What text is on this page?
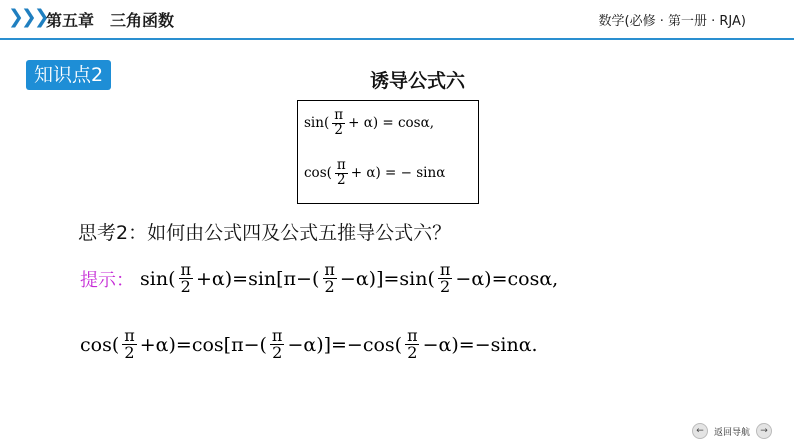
❯❯❯ 第五章　三角函数	数学(必修 · 第一册 · RJA)
知识点2	诱导公式六
$\sin( \frac{\pi}{2} + \alpha) = \cos\alpha$,
$\cos( \frac{\pi}{2} + \alpha)$ = − sinα
思考2：如何由公式四及公式五推导公式六？
提示： $\sin( \frac{\pi}{2} +\alpha)=\sin[\pi-( \frac{\pi}{2} -\alpha)]=\sin( \frac{\pi}{2} -\alpha)=\cos\alpha$,
$\cos( \frac{\pi}{2} +\alpha)=\cos[\pi-( \frac{\pi}{2} -\alpha)]=-\cos( \frac{\pi}{2} -\alpha)=-\sin\alpha$.
←	返回导航	→
